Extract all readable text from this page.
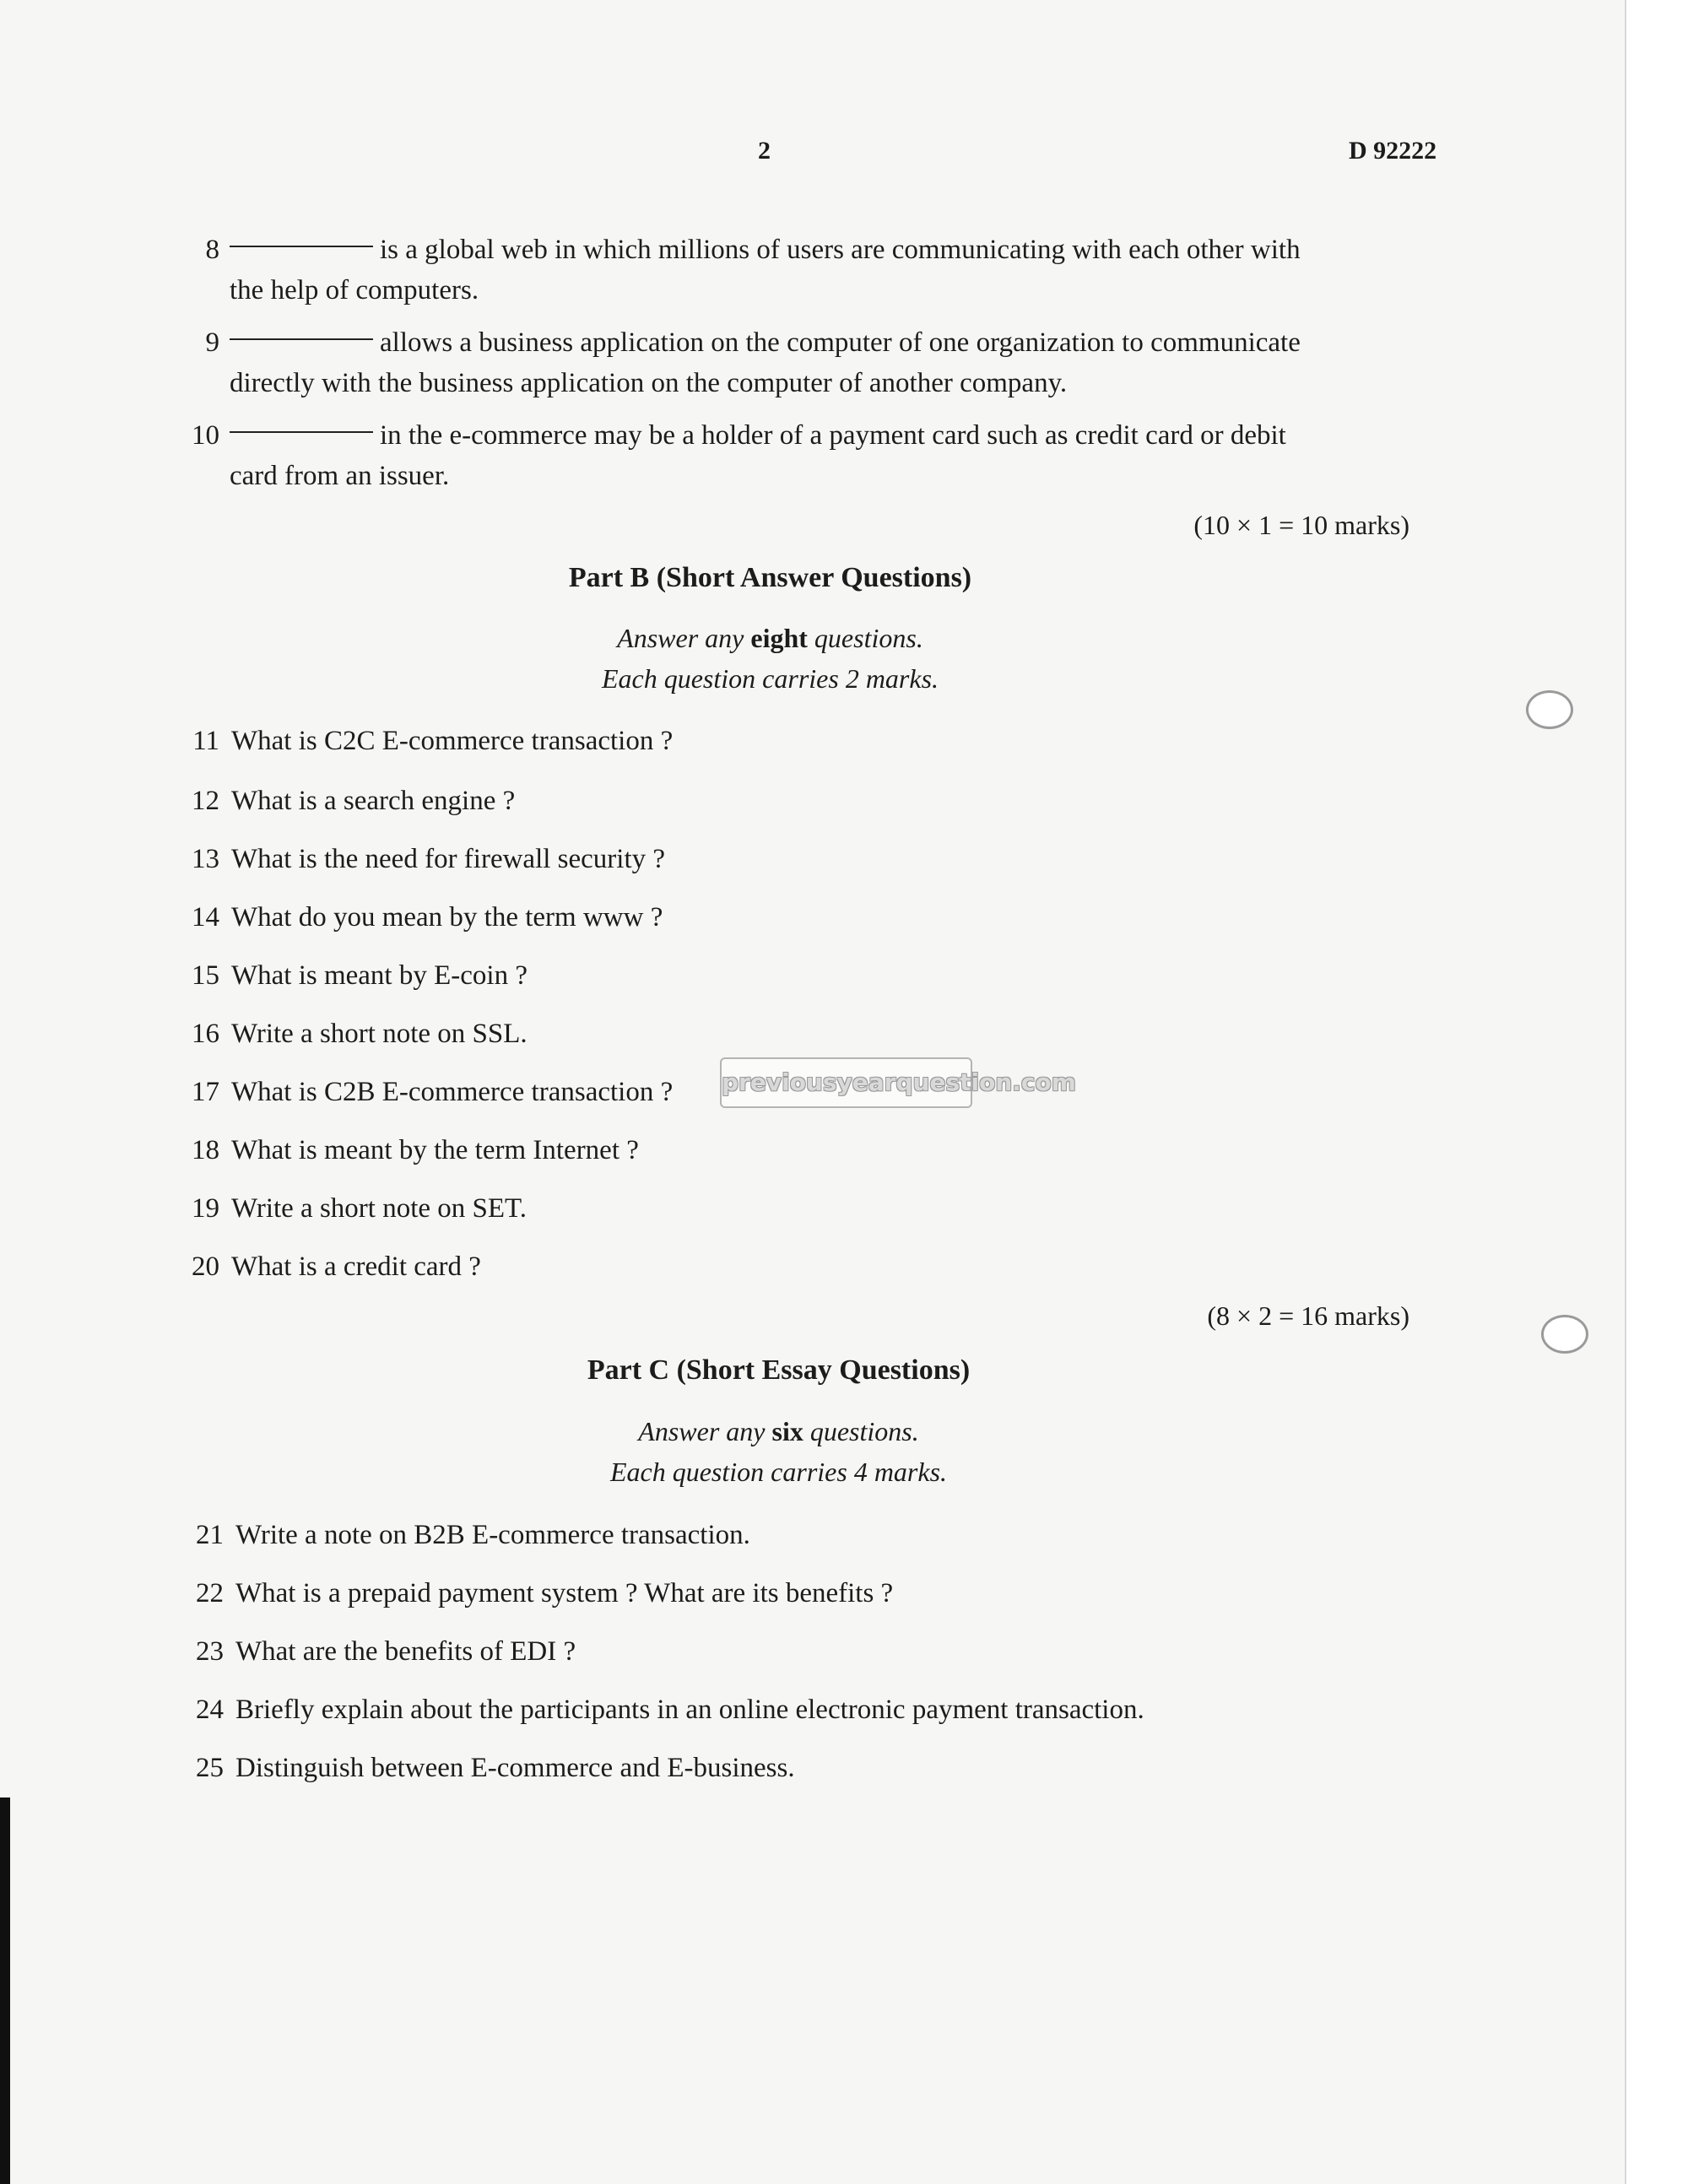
2	D 92222
8	is a global web in which millions of users are communicating with each other with
the help of computers.
9	allows a business application on the computer of one organization to communicate
directly with the business application on the computer of another company.
10	in the e-commerce may be a holder of a payment card such as credit card or debit
card from an issuer.
(10 × 1 = 10 marks)
Part B (Short Answer Questions)
Answer any eight questions.
Each question carries 2 marks.
11 What is C2C E-commerce transaction ?
12 What is a search engine ?
13 What is the need for firewall security ?
14 What do you mean by the term www ?
15 What is meant by E-coin ?
16 Write a short note on SSL.
17 What is C2B E-commerce transaction ?
18 What is meant by the term Internet ?
19 Write a short note on SET.
20 What is a credit card ?
(8 × 2 = 16 marks)
Part C (Short Essay Questions)
Answer any six questions.
Each question carries 4 marks.
21 Write a note on B2B E-commerce transaction.
22 What is a prepaid payment system ? What are its benefits ?
23 What are the benefits of EDI ?
24 Briefly explain about the participants in an online electronic payment transaction.
25 Distinguish between E-commerce and E-business.
previousyearquestion.com
